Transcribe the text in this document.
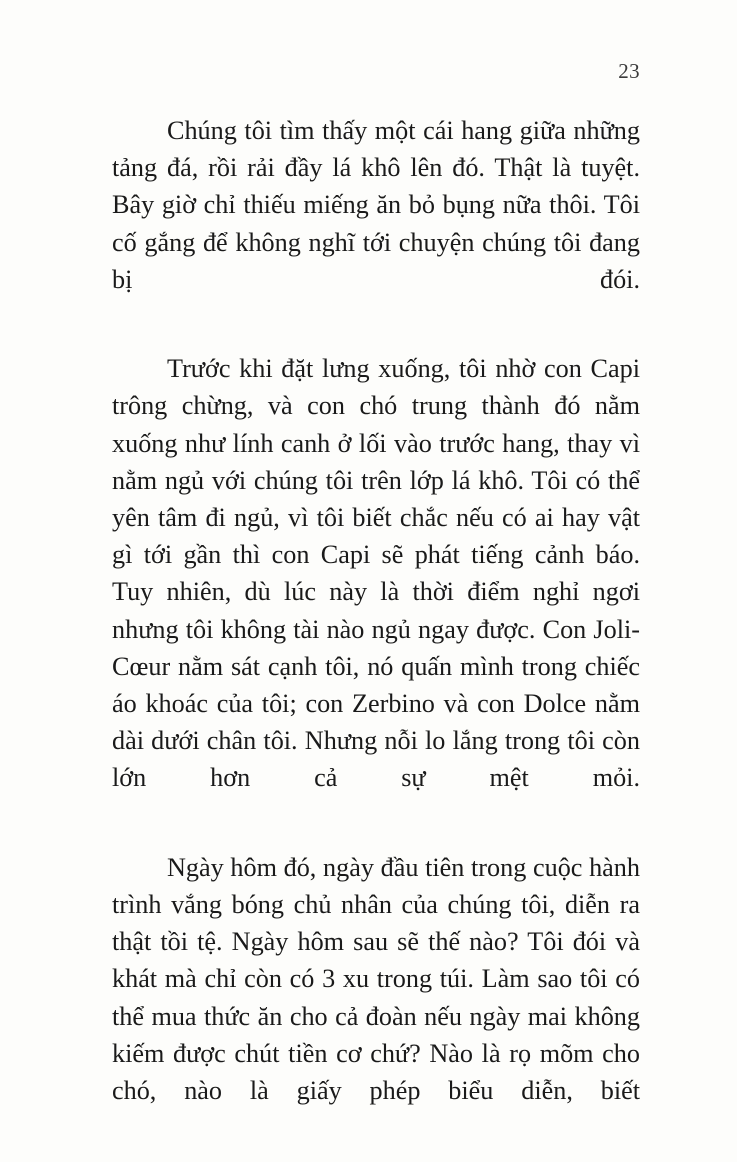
23

Chúng tôi tìm thấy một cái hang giữa những tảng đá, rồi rải đầy lá khô lên đó. Thật là tuyệt. Bây giờ chỉ thiếu miếng ăn bỏ bụng nữa thôi. Tôi cố gắng để không nghĩ tới chuyện chúng tôi đang bị đói.

Trước khi đặt lưng xuống, tôi nhờ con Capi trông chừng, và con chó trung thành đó nằm xuống như lính canh ở lối vào trước hang, thay vì nằm ngủ với chúng tôi trên lớp lá khô. Tôi có thể yên tâm đi ngủ, vì tôi biết chắc nếu có ai hay vật gì tới gần thì con Capi sẽ phát tiếng cảnh báo. Tuy nhiên, dù lúc này là thời điểm nghỉ ngơi nhưng tôi không tài nào ngủ ngay được. Con Joli-Cœur nằm sát cạnh tôi, nó quấn mình trong chiếc áo khoác của tôi; con Zerbino và con Dolce nằm dài dưới chân tôi. Nhưng nỗi lo lắng trong tôi còn lớn hơn cả sự mệt mỏi.

Ngày hôm đó, ngày đầu tiên trong cuộc hành trình vắng bóng chủ nhân của chúng tôi, diễn ra thật tồi tệ. Ngày hôm sau sẽ thế nào? Tôi đói và khát mà chỉ còn có 3 xu trong túi. Làm sao tôi có thể mua thức ăn cho cả đoàn nếu ngày mai không kiếm được chút tiền cơ chứ? Nào là rọ mõm cho chó, nào là giấy phép biểu diễn, biết
